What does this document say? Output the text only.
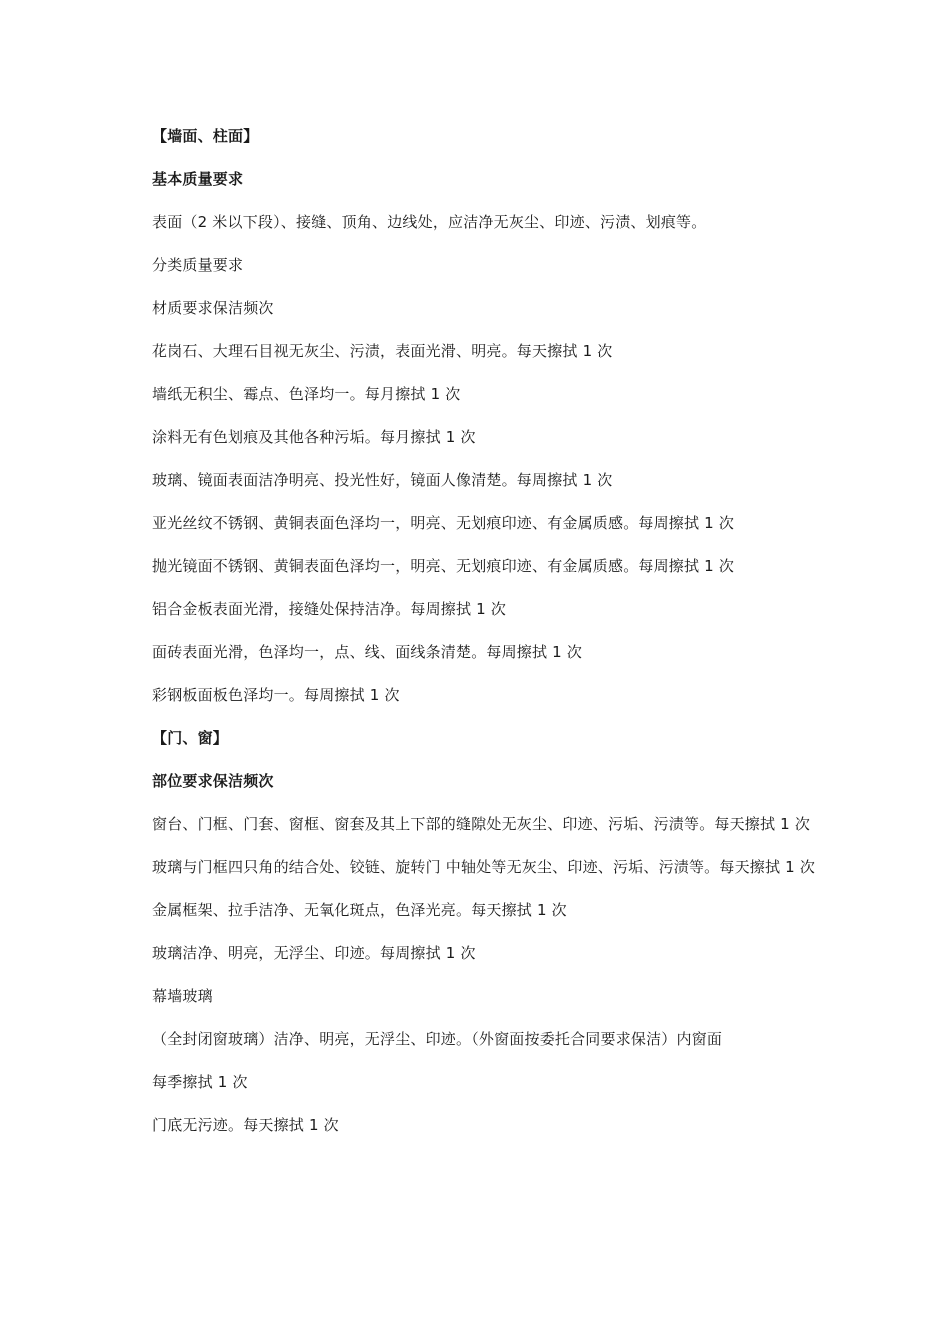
【墙面、柱面】

基本质量要求

表面（2 米以下段）、接缝、顶角、边线处，应洁净无灰尘、印迹、污渍、划痕等。

分类质量要求

材质要求保洁频次

花岗石、大理石目视无灰尘、污渍，表面光滑、明亮。每天擦拭 1 次

墙纸无积尘、霉点、色泽均一。每月擦拭 1 次

涂料无有色划痕及其他各种污垢。每月擦拭 1 次

玻璃、镜面表面洁净明亮、投光性好，镜面人像清楚。每周擦拭 1 次

亚光丝纹不锈钢、黄铜表面色泽均一，明亮、无划痕印迹、有金属质感。每周擦拭 1 次

抛光镜面不锈钢、黄铜表面色泽均一，明亮、无划痕印迹、有金属质感。每周擦拭 1 次

铝合金板表面光滑，接缝处保持洁净。每周擦拭 1 次

面砖表面光滑，色泽均一，点、线、面线条清楚。每周擦拭 1 次

彩钢板面板色泽均一。每周擦拭 1 次

【门、窗】

部位要求保洁频次

窗台、门框、门套、窗框、窗套及其上下部的缝隙处无灰尘、印迹、污垢、污渍等。每天擦拭 1 次

玻璃与门框四只角的结合处、铰链、旋转门 中轴处等无灰尘、印迹、污垢、污渍等。每天擦拭 1 次

金属框架、拉手洁净、无氧化斑点，色泽光亮。每天擦拭 1 次

玻璃洁净、明亮，无浮尘、印迹。每周擦拭 1 次

幕墙玻璃

（全封闭窗玻璃）洁净、明亮，无浮尘、印迹。（外窗面按委托合同要求保洁）内窗面

每季擦拭 1 次

门底无污迹。每天擦拭 1 次
